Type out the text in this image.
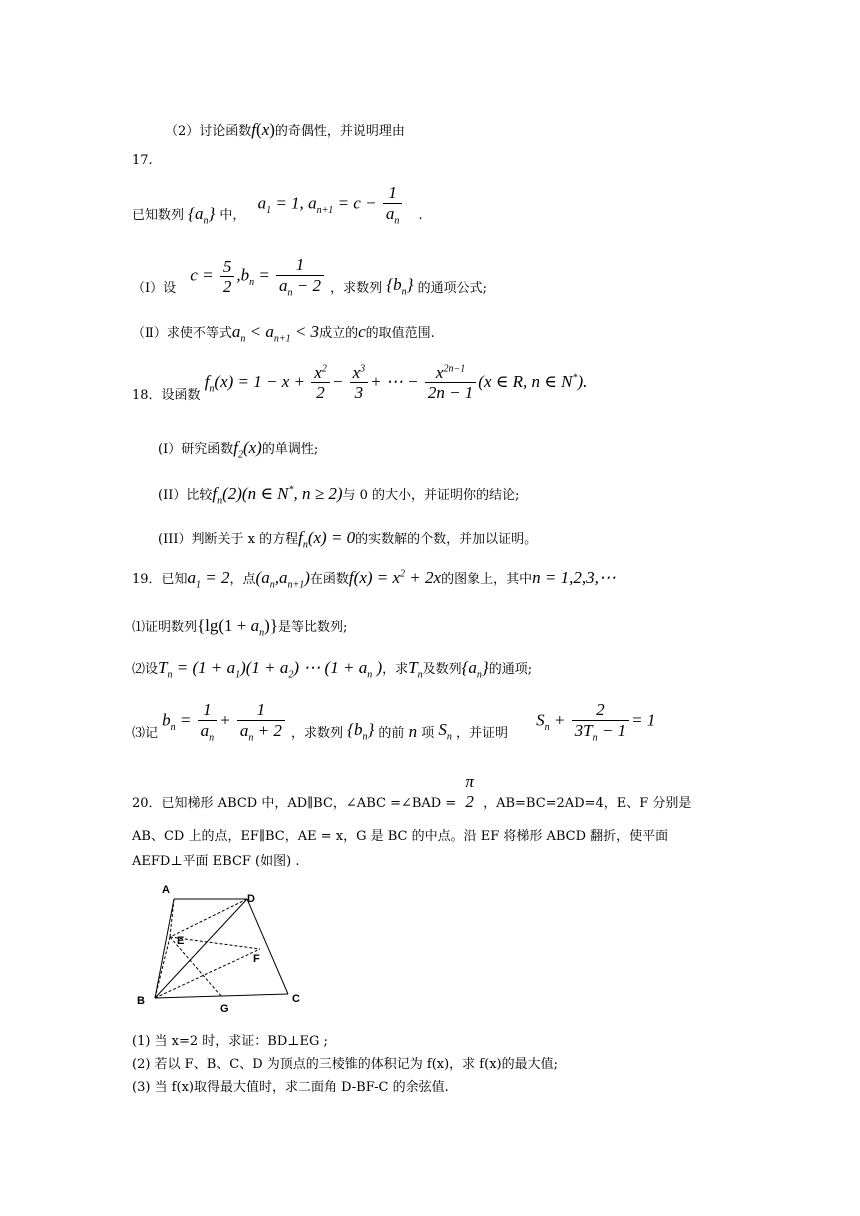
（2）讨论函数f(x)的奇偶性，并说明理由
17.
已知数列 $\{a_n\}$ 中， $a_1 = 1$, $a_{n+1} = c - \frac{1}{a_n}$ .
（Ⅰ）设 $c = \frac{5}{2} ,b_n = \frac{1}{a_n - 2}$ ，求数列 $\{b_n\}$ 的通项公式;
（Ⅱ）求使不等式$a_n < a_{n+1} < 3$成立的c的取值范围.
18．设函数 $f_n(x) = 1 - x + \frac{x^2}{2} - \frac{x^3}{3}$ + ⋯ − $\frac{x^{2n-1}}{2n - 1} (x$ ∈ R, n ∈ N*).
(I）研究函数$f_2(x)$的单调性;
(II）比较$f_n(2)(n$ ∈ N*, n ≥ 2)与 0 的大小，并证明你的结论;
(III）判断关于 x 的方程$f_n(x) = 0$的实数解的个数，并加以证明。
19．已知$a_1 = 2$，点$(a_n,a_{n+1})$在函数$f(x) = x^2 + 2x$的图象上，其中n = 1,2,3,⋯
⑴证明数列$\{\lg(1 + a_n)\}$是等比数列;
⑵设$T_n = (1 + a_1)(1 + a_2)$ ⋯ ($1 + a_n$ )，求$T_n$及数列$\{a_n\}$的通项;
⑶记 $b_n = \frac{1}{a_n} + \frac{1}{a_n + 2}$ ，求数列 $\{b_n\}$ 的前 n 项 $S_n$ ，并证明 $S_n + \frac{2}{3T_n - 1} = 1$
20．已知梯形 ABCD 中，AD∥BC，∠ABC =∠BAD =
π
2 ，AB=BC=2AD=4，E、F 分别是
AB、CD 上的点，EF∥BC，AE = x，G 是 BC 的中点。沿 EF 将梯形 ABCD 翻折，使平面
AEFD⊥平面 EBCF (如图) .
A
D
E
F
B
G
C
(1) 当 x=2 时，求证：BD⊥EG ;
(2) 若以 F、B、C、D 为顶点的三棱锥的体积记为 f(x)，求 f(x)的最大值;
(3) 当 f(x)取得最大值时，求二面角 D-BF-C 的余弦值.
